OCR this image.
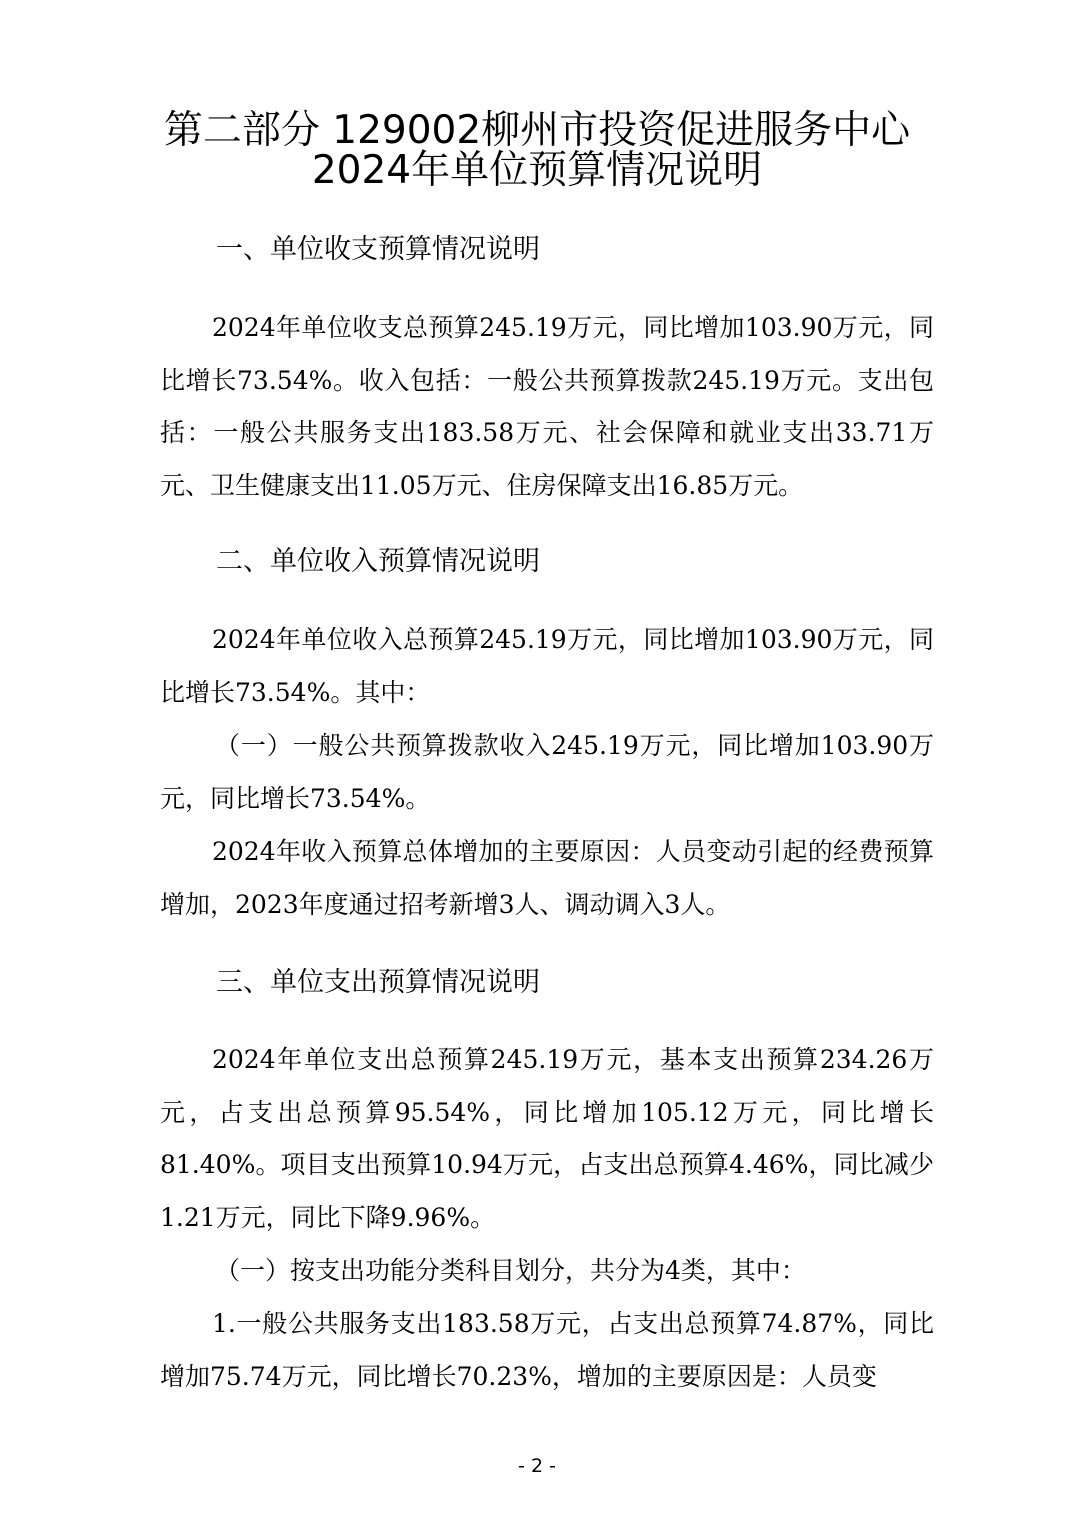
第二部分 129002柳州市投资促进服务中心
2024年单位预算情况说明
一、单位收支预算情况说明
2024年单位收支总预算245.19万元，同比增加103.90万元，同比增长73.54%。收入包括：一般公共预算拨款245.19万元。支出包括：一般公共服务支出183.58万元、社会保障和就业支出33.71万元、卫生健康支出11.05万元、住房保障支出16.85万元。
二、单位收入预算情况说明
2024年单位收入总预算245.19万元，同比增加103.90万元，同比增长73.54%。其中：
（一）一般公共预算拨款收入245.19万元，同比增加103.90万元，同比增长73.54%。
2024年收入预算总体增加的主要原因：人员变动引起的经费预算增加，2023年度通过招考新增3人、调动调入3人。
三、单位支出预算情况说明
2024年单位支出总预算245.19万元，基本支出预算234.26万元，占支出总预算95.54%，同比增加105.12万元，同比增长81.40%。项目支出预算10.94万元，占支出总预算4.46%，同比减少1.21万元，同比下降9.96%。
（一）按支出功能分类科目划分，共分为4类，其中：
1.一般公共服务支出183.58万元，占支出总预算74.87%，同比增加75.74万元，同比增长70.23%，增加的主要原因是：人员变
- 2 -
